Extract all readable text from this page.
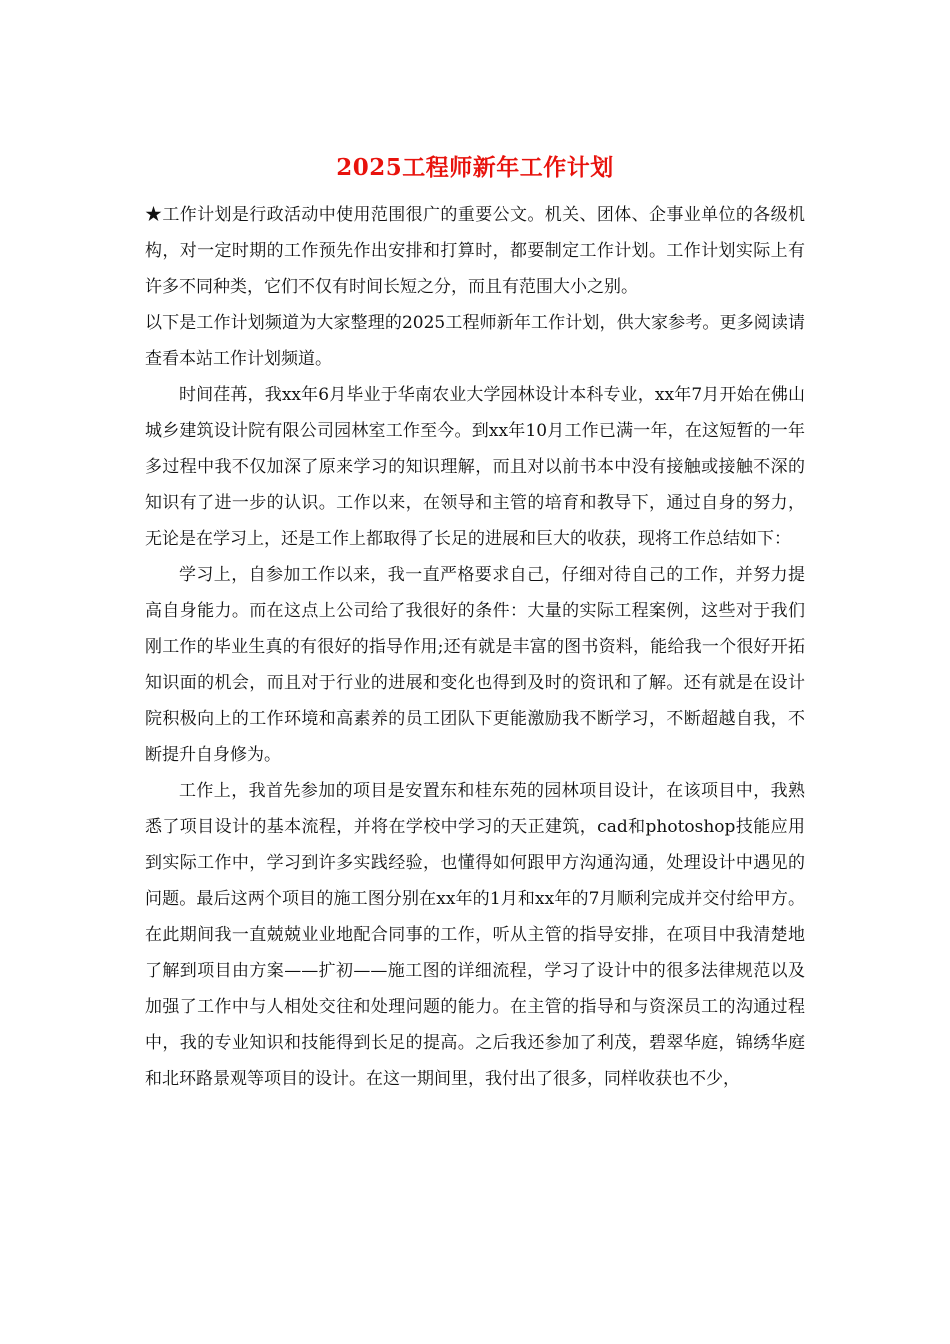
2025工程师新年工作计划

★工作计划是行政活动中使用范围很广的重要公文。机关、团体、企事业单位的各级机构，对一定时期的工作预先作出安排和打算时，都要制定工作计划。工作计划实际上有许多不同种类，它们不仅有时间长短之分，而且有范围大小之别。

以下是工作计划频道为大家整理的2025工程师新年工作计划，供大家参考。更多阅读请查看本站工作计划频道。

时间荏苒，我xx年6月毕业于华南农业大学园林设计本科专业，xx年7月开始在佛山城乡建筑设计院有限公司园林室工作至今。到xx年10月工作已满一年，在这短暂的一年多过程中我不仅加深了原来学习的知识理解，而且对以前书本中没有接触或接触不深的知识有了进一步的认识。工作以来，在领导和主管的培育和教导下，通过自身的努力，无论是在学习上，还是工作上都取得了长足的进展和巨大的收获，现将工作总结如下：

学习上，自参加工作以来，我一直严格要求自己，仔细对待自己的工作，并努力提高自身能力。而在这点上公司给了我很好的条件：大量的实际工程案例，这些对于我们刚工作的毕业生真的有很好的指导作用;还有就是丰富的图书资料，能给我一个很好开拓知识面的机会，而且对于行业的进展和变化也得到及时的资讯和了解。还有就是在设计院积极向上的工作环境和高素养的员工团队下更能激励我不断学习，不断超越自我，不断提升自身修为。

工作上，我首先参加的项目是安置东和桂东苑的园林项目设计，在该项目中，我熟悉了项目设计的基本流程，并将在学校中学习的天正建筑，cad和photoshop技能应用到实际工作中，学习到许多实践经验，也懂得如何跟甲方沟通沟通，处理设计中遇见的问题。最后这两个项目的施工图分别在xx年的1月和xx年的7月顺利完成并交付给甲方。在此期间我一直兢兢业业地配合同事的工作，听从主管的指导安排，在项目中我清楚地了解到项目由方案——扩初——施工图的详细流程，学习了设计中的很多法律规范以及加强了工作中与人相处交往和处理问题的能力。在主管的指导和与资深员工的沟通过程中，我的专业知识和技能得到长足的提高。之后我还参加了利茂，碧翠华庭，锦绣华庭和北环路景观等项目的设计。在这一期间里，我付出了很多，同样收获也不少，
